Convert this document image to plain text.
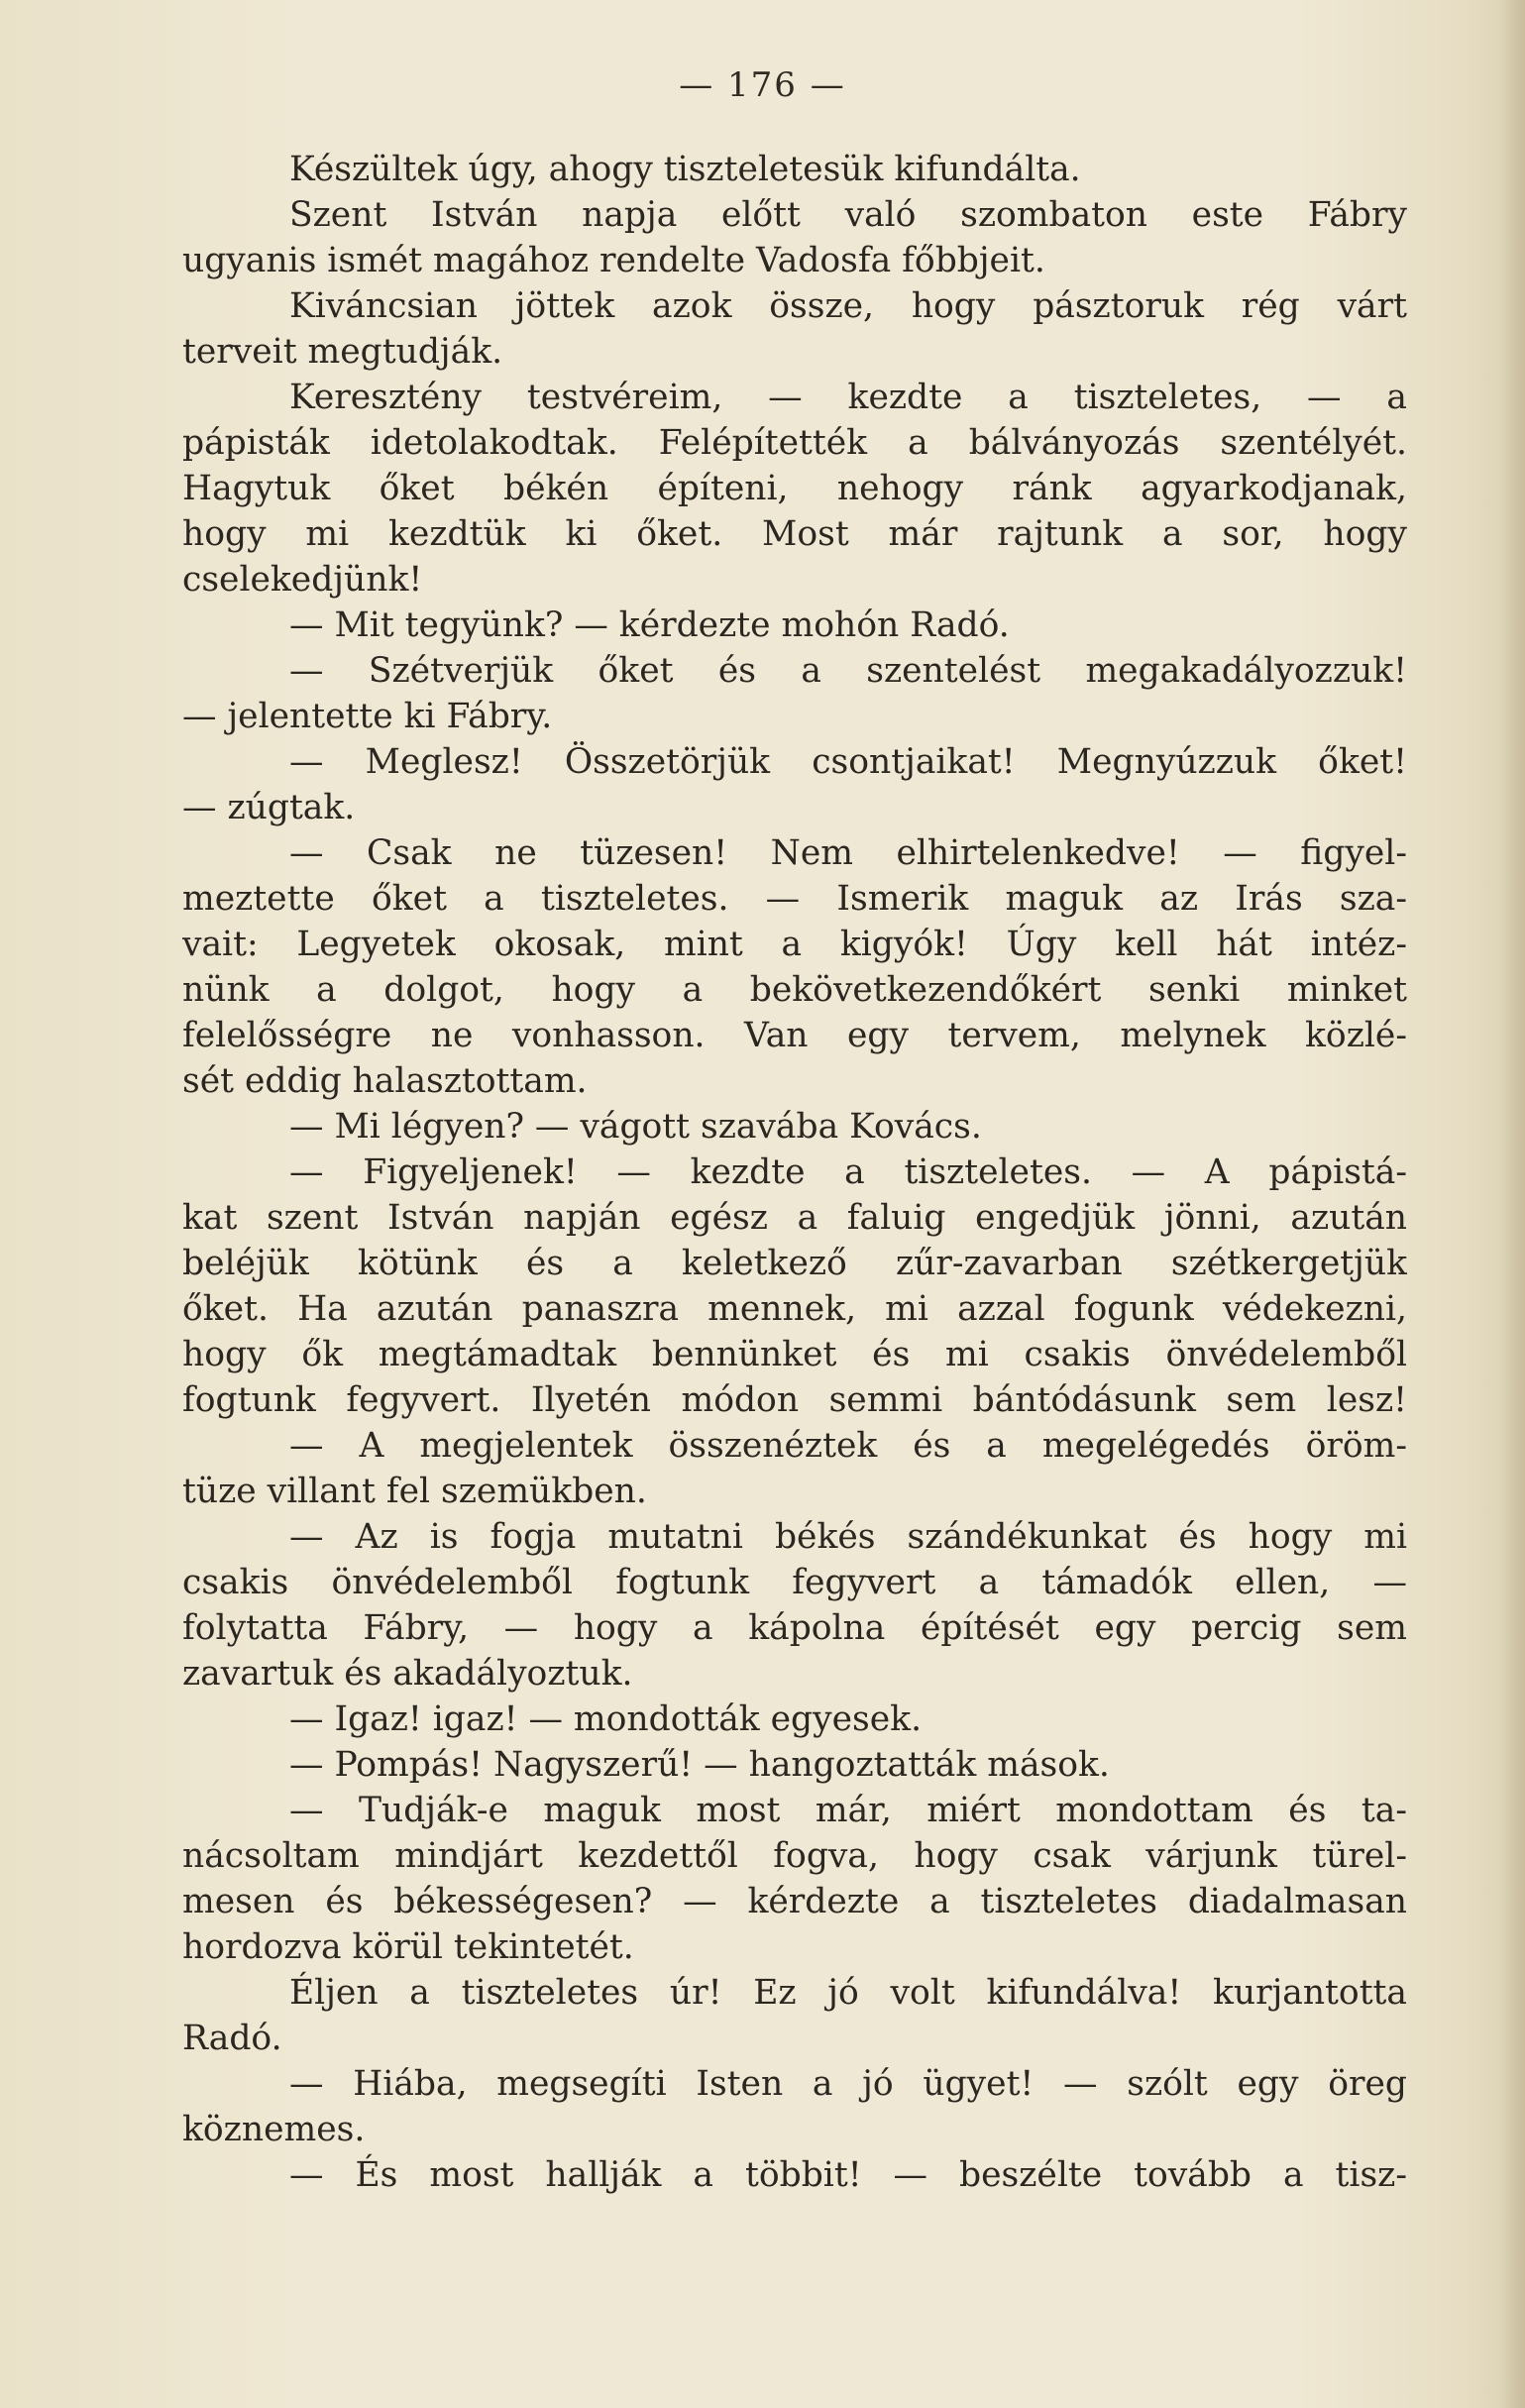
— 176 —
Készültek úgy, ahogy tiszteletesük kifundálta.
Szent István napja előtt való szombaton este Fábry
ugyanis ismét magához rendelte Vadosfa főbbjeit.
Kiváncsian jöttek azok össze, hogy pásztoruk rég várt
terveit megtudják.
Keresztény testvéreim, — kezdte a tiszteletes, — a
pápisták idetolakodtak. Felépítették a bálványozás szentélyét.
Hagytuk őket békén építeni, nehogy ránk agyarkodjanak,
hogy mi kezdtük ki őket. Most már rajtunk a sor, hogy
cselekedjünk!
— Mit tegyünk? — kérdezte mohón Radó.
— Szétverjük őket és a szentelést megakadályozzuk!
— jelentette ki Fábry.
— Meglesz! Összetörjük csontjaikat! Megnyúzzuk őket!
— zúgtak.
— Csak ne tüzesen! Nem elhirtelenkedve! — figyel-
meztette őket a tiszteletes. — Ismerik maguk az Irás sza-
vait: Legyetek okosak, mint a kigyók! Úgy kell hát intéz-
nünk a dolgot, hogy a bekövetkezendőkért senki minket
felelősségre ne vonhasson. Van egy tervem, melynek közlé-
sét eddig halasztottam.
— Mi légyen? — vágott szavába Kovács.
— Figyeljenek! — kezdte a tiszteletes. — A pápistá-
kat szent István napján egész a faluig engedjük jönni, azután
beléjük kötünk és a keletkező zűr-zavarban szétkergetjük
őket. Ha azután panaszra mennek, mi azzal fogunk védekezni,
hogy ők megtámadtak bennünket és mi csakis önvédelemből
fogtunk fegyvert. Ilyetén módon semmi bántódásunk sem lesz!
— A megjelentek összenéztek és a megelégedés öröm-
tüze villant fel szemükben.
— Az is fogja mutatni békés szándékunkat és hogy mi
csakis önvédelemből fogtunk fegyvert a támadók ellen, —
folytatta Fábry, — hogy a kápolna építését egy percig sem
zavartuk és akadályoztuk.
— Igaz! igaz! — mondották egyesek.
— Pompás! Nagyszerű! — hangoztatták mások.
— Tudják-e maguk most már, miért mondottam és ta-
nácsoltam mindjárt kezdettől fogva, hogy csak várjunk türel-
mesen és békességesen? — kérdezte a tiszteletes diadalmasan
hordozva körül tekintetét.
Éljen a tiszteletes úr! Ez jó volt kifundálva! kurjantotta
Radó.
— Hiába, megsegíti Isten a jó ügyet! — szólt egy öreg
köznemes.
— És most hallják a többit! — beszélte tovább a tisz-
